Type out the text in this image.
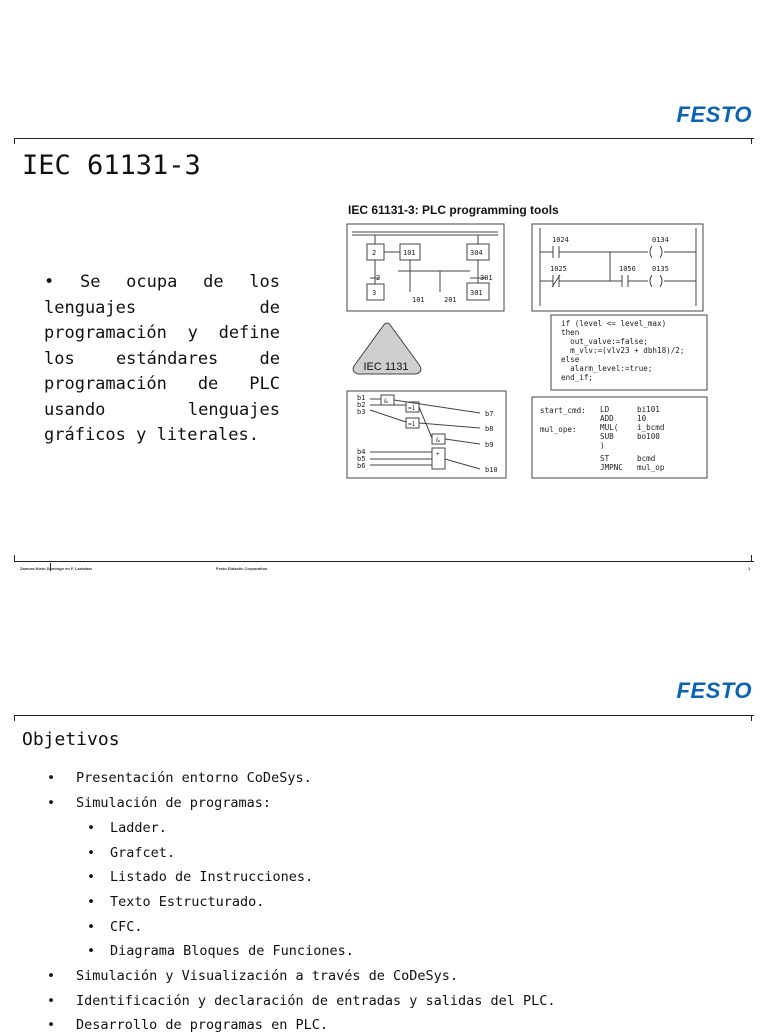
FESTO
IEC 61131-3
• Se ocupa de los lenguajes de programación y define los estándares de programación de PLC usando lenguajes gráficos y literales.
IEC 61131-3: PLC programming tools
IEC 1131
2	101	304
2	301
3
101	201
301
1024	0134
1025	1056 0135
if (level <= level_max)
then
out_valve:=false;
m_vlv:=(vlv23 + dbh18)/2;
else
alarm_level:=true;
end_if;
b1
b2
b3
b4
b5
b6
b7
b8
b9
b10
&
=1
&
=1
+
start_cmd:
mul_ope:
LD
ADD
MUL(
SUB
)
ST
JMPNC
bi101
10
i_bcmd
bo100
bcmd
mul_op
Zamora Nieto Domingo en F. Lantabar	Festo Didactic Corporation	1
FESTO
Objetivos
• Presentación entorno CoDeSys.
• Simulación de programas:
• Ladder.
• Grafcet.
• Listado de Instrucciones.
• Texto Estructurado.
• CFC.
• Diagrama Bloques de Funciones.
• Simulación y Visualización a través de CoDeSys.
• Identificación y declaración de entradas y salidas del PLC.
• Desarrollo de programas en PLC.
